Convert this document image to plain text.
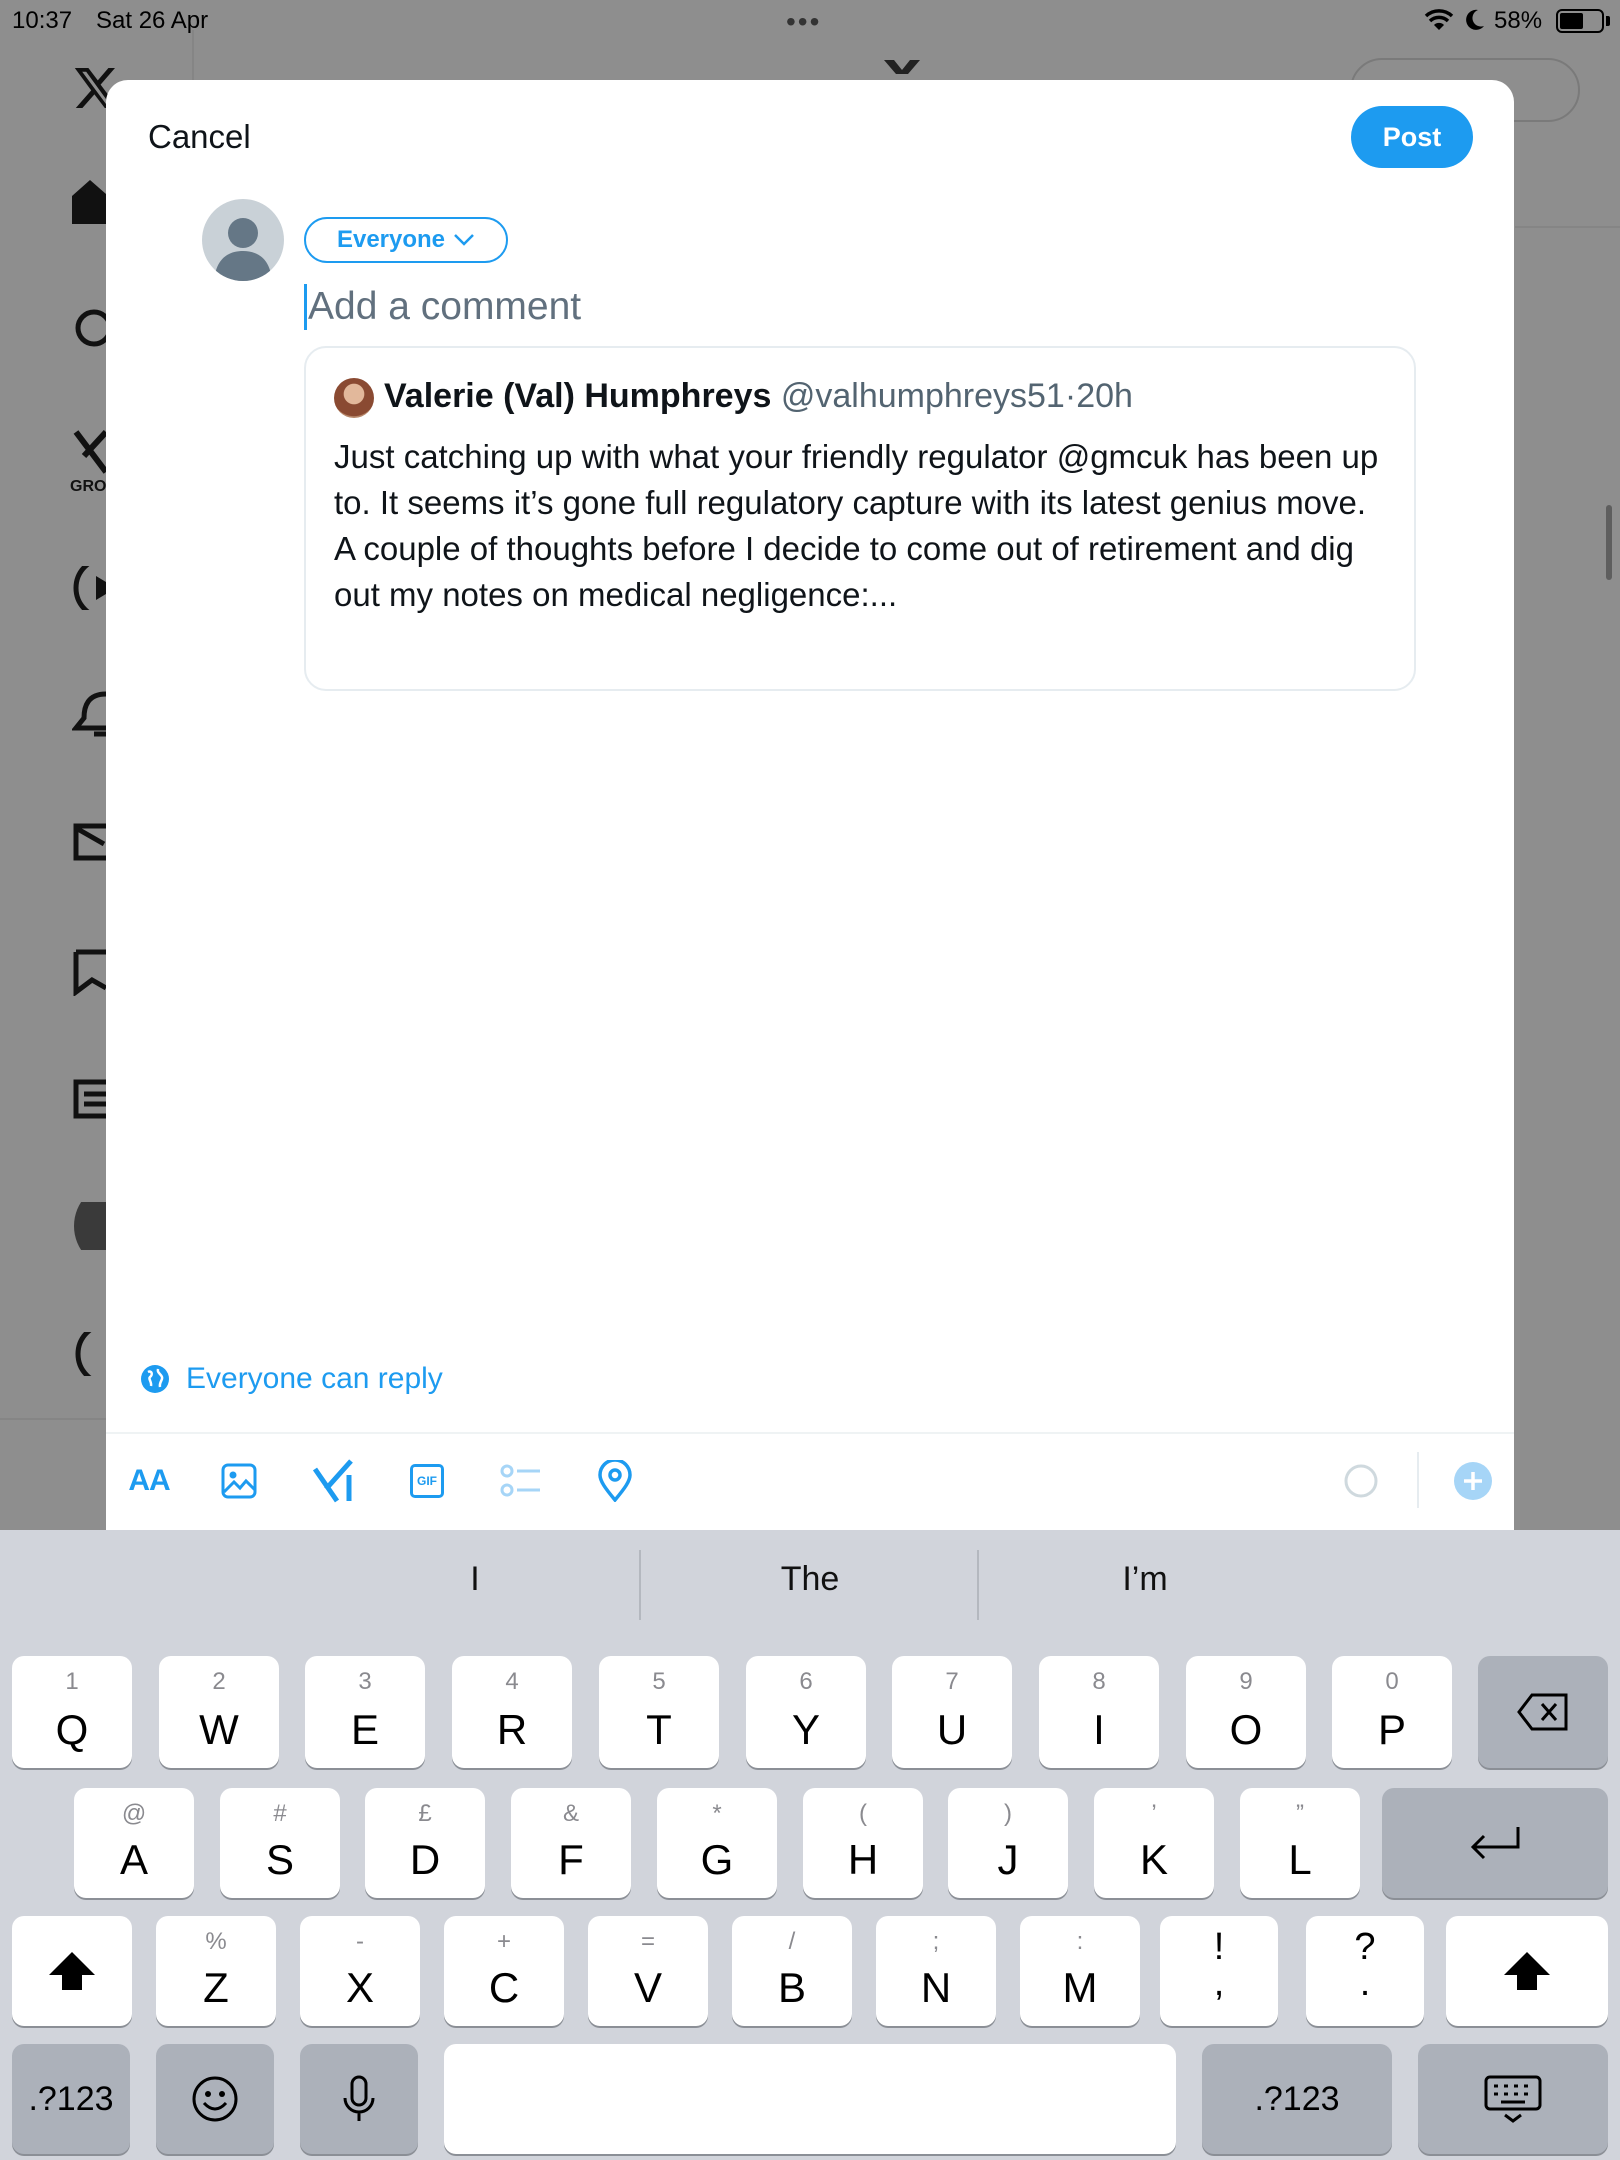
GRO
10:37 Sat 26 Apr	•••	58%
Cancel	Post
Everyone
Add a comment
Valerie (Val) Humphreys @valhumphreys51·20h

Just catching up with what your friendly regulator @gmcuk has been up to. It seems it’s gone full regulatory capture with its latest genius move.

A couple of thoughts before I decide to come out of retirement and dig out my notes on medical negligence:...

Everyone can reply
AA	GIF
I	The	I’m
!
,
?
.
.?123	.?123
1
Q
2
W
3
E
4
R
5
T
6
Y
7
U
8
I
9
O
0
P
@
A
#
S
£
D
&
F
*
G
(
H
)
J
’
K
”
L
%
Z
-
X
+
C
=
V
/
B
;
N
:
M
